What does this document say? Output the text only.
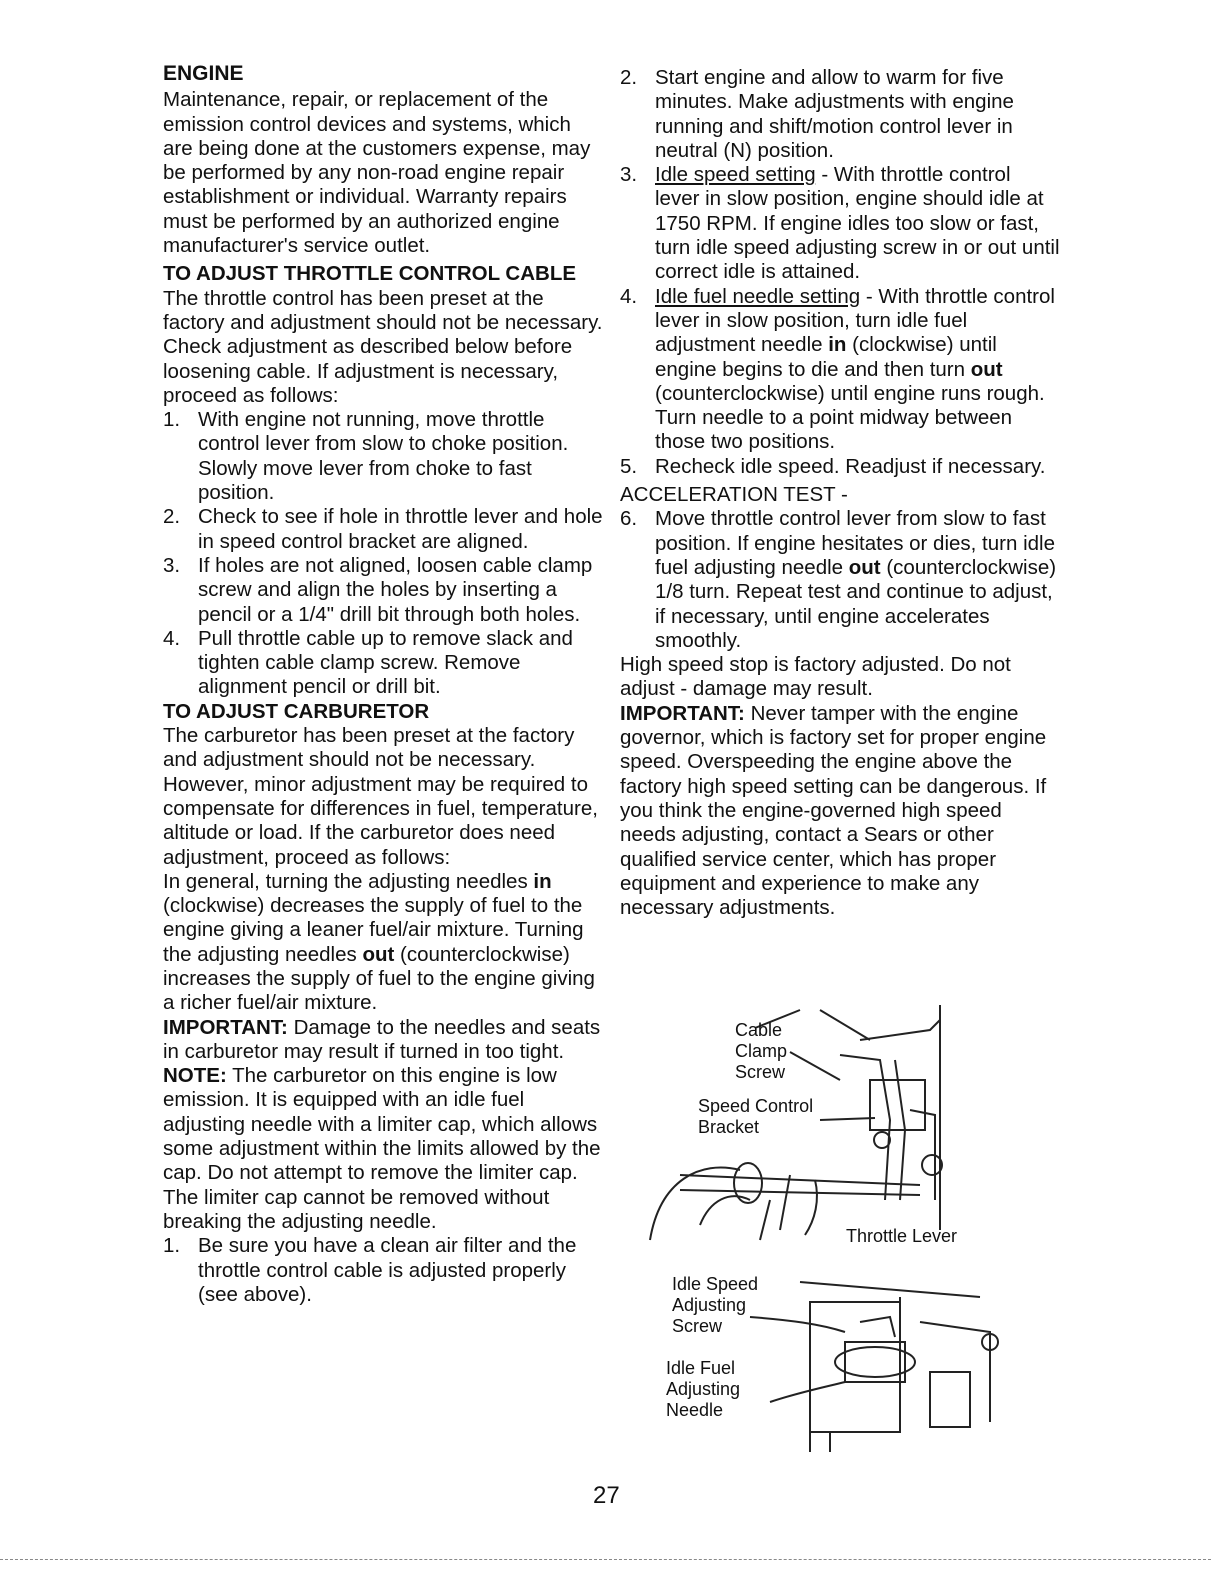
ENGINE

Maintenance, repair, or replacement of the emission control devices and systems, which are being done at the customers expense, may be performed by any non-road engine repair establishment or individual. Warranty repairs must be performed by an authorized engine manufacturer's service outlet.

TO ADJUST THROTTLE CONTROL CABLE

The throttle control has been preset at the factory and adjustment should not be necessary. Check adjustment as described below before loosening cable. If adjustment is necessary, proceed as follows:

1. With engine not running, move throttle control lever from slow to choke position. Slowly move lever from choke to fast position.
2. Check to see if hole in throttle lever and hole in speed control bracket are aligned.
3. If holes are not aligned, loosen cable clamp screw and align the holes by inserting a pencil or a 1/4" drill bit through both holes.
4. Pull throttle cable up to remove slack and tighten cable clamp screw. Remove alignment pencil or drill bit.
TO ADJUST CARBURETOR

The carburetor has been preset at the factory and adjustment should not be necessary. However, minor adjustment may be required to compensate for differences in fuel, temperature, altitude or load. If the carburetor does need adjustment, proceed as follows:

In general, turning the adjusting needles in (clockwise) decreases the supply of fuel to the engine giving a leaner fuel/air mixture. Turning the adjusting needles out (counterclockwise) increases the supply of fuel to the engine giving a richer fuel/air mixture.

IMPORTANT: Damage to the needles and seats in carburetor may result if turned in too tight.

NOTE: The carburetor on this engine is low emission. It is equipped with an idle fuel adjusting needle with a limiter cap, which allows some adjustment within the limits allowed by the cap. Do not attempt to remove the limiter cap. The limiter cap cannot be removed without breaking the adjusting needle.

1. Be sure you have a clean air filter and the throttle control cable is adjusted properly (see above).
2. Start engine and allow to warm for five minutes. Make adjustments with engine running and shift/motion control lever in neutral (N) position.
3. Idle speed setting - With throttle control lever in slow position, engine should idle at 1750 RPM. If engine idles too slow or fast, turn idle speed adjusting screw in or out until correct idle is attained.
4. Idle fuel needle setting - With throttle control lever in slow position, turn idle fuel adjustment needle in (clockwise) until engine begins to die and then turn out (counterclockwise) until engine runs rough. Turn needle to a point midway between those two positions.
5. Recheck idle speed. Readjust if necessary.
ACCELERATION TEST -
6. Move throttle control lever from slow to fast position. If engine hesitates or dies, turn idle fuel adjusting needle out (counterclockwise) 1/8 turn. Repeat test and continue to adjust, if necessary, until engine accelerates smoothly.

High speed stop is factory adjusted. Do not adjust - damage may result.

IMPORTANT: Never tamper with the engine governor, which is factory set for proper engine speed. Overspeeding the engine above the factory high speed setting can be dangerous. If you think the engine-governed high speed needs adjusting, contact a Sears or other qualified service center, which has proper equipment and experience to make any necessary adjustments.

Cable
Clamp
Screw
Speed Control
Bracket
Throttle Lever
Idle Speed
Adjusting
Screw
Idle Fuel
Adjusting
Needle
27
